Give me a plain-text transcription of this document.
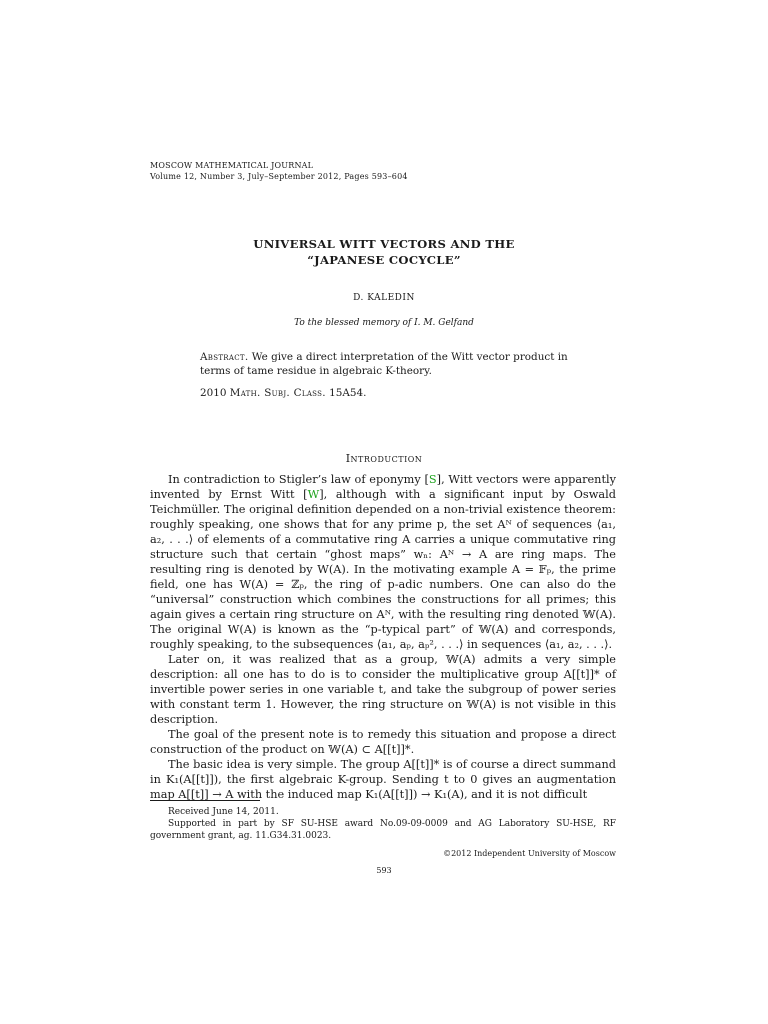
MOSCOW MATHEMATICAL JOURNAL
Volume 12, Number 3, July–September 2012, Pages 593–604
UNIVERSAL WITT VECTORS AND THE
“JAPANESE COCYCLE”
D. KALEDIN
To the blessed memory of I. M. Gelfand
Abstract. We give a direct interpretation of the Witt vector product in terms of tame residue in algebraic K-theory.
2010 Math. Subj. Class. 15A54.
Introduction

In contradiction to Stigler’s law of eponymy [S], Witt vectors were apparently invented by Ernst Witt [W], although with a significant input by Oswald Teichmüller. The original definition depended on a non-trivial existence theorem: roughly speaking, one shows that for any prime p, the set Aᴺ of sequences ⟨a₁, a₂, . . .⟩ of elements of a commutative ring A carries a unique commutative ring structure such that certain “ghost maps” wₙ: Aᴺ → A are ring maps. The resulting ring is denoted by W(A). In the motivating example A = 𝔽ₚ, the prime field, one has W(A) = ℤₚ, the ring of p-adic numbers. One can also do the “universal” construction which combines the constructions for all primes; this again gives a certain ring structure on Aᴺ, with the resulting ring denoted 𝕎(A). The original W(A) is known as the “p-typical part” of 𝕎(A) and corresponds, roughly speaking, to the subsequences ⟨a₁, aₚ, aₚ², . . .⟩ in sequences ⟨a₁, a₂, . . .⟩.

Later on, it was realized that as a group, 𝕎(A) admits a very simple description: all one has to do is to consider the multiplicative group A[[t]]* of invertible power series in one variable t, and take the subgroup of power series with constant term 1. However, the ring structure on 𝕎(A) is not visible in this description.

The goal of the present note is to remedy this situation and propose a direct construction of the product on 𝕎(A) ⊂ A[[t]]*.

The basic idea is very simple. The group A[[t]]* is of course a direct summand in K₁(A[[t]]), the first algebraic K-group. Sending t to 0 gives an augmentation map A[[t]] → A with the induced map K₁(A[[t]]) → K₁(A), and it is not difficult

Received June 14, 2011.

Supported in part by SF SU-HSE award No.09-09-0009 and AG Laboratory SU-HSE, RF government grant, ag. 11.G34.31.0023.

©2012 Independent University of Moscow
593
